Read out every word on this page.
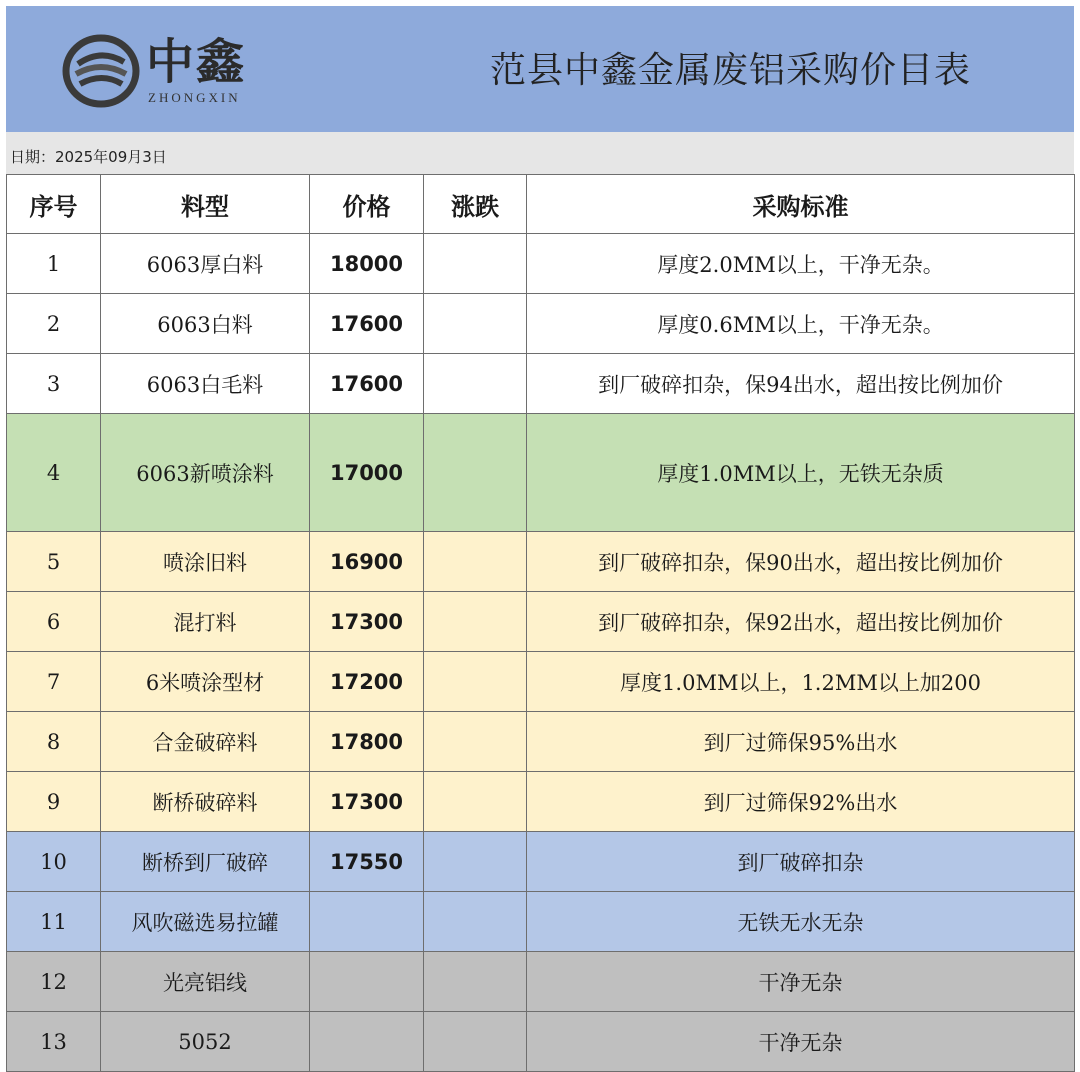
中鑫
ZHONGXIN
范县中鑫金属废铝采购价目表
日期：2025年09月3日
序号	料型	价格	涨跌	采购标准
1	6063厚白料	18000		厚度2.0MM以上，干净无杂。
2	6063白料	17600		厚度0.6MM以上，干净无杂。
3	6063白毛料	17600		到厂破碎扣杂，保94出水，超出按比例加价
4	6063新喷涂料	17000		厚度1.0MM以上，无铁无杂质
5	喷涂旧料	16900		到厂破碎扣杂，保90出水，超出按比例加价
6	混打料	17300		到厂破碎扣杂，保92出水，超出按比例加价
7	6米喷涂型材	17200		厚度1.0MM以上，1.2MM以上加200
8	合金破碎料	17800		到厂过筛保95%出水
9	断桥破碎料	17300		到厂过筛保92%出水
10	断桥到厂破碎	17550		到厂破碎扣杂
11	风吹磁选易拉罐			无铁无水无杂
12	光亮铝线			干净无杂
13	5052			干净无杂
